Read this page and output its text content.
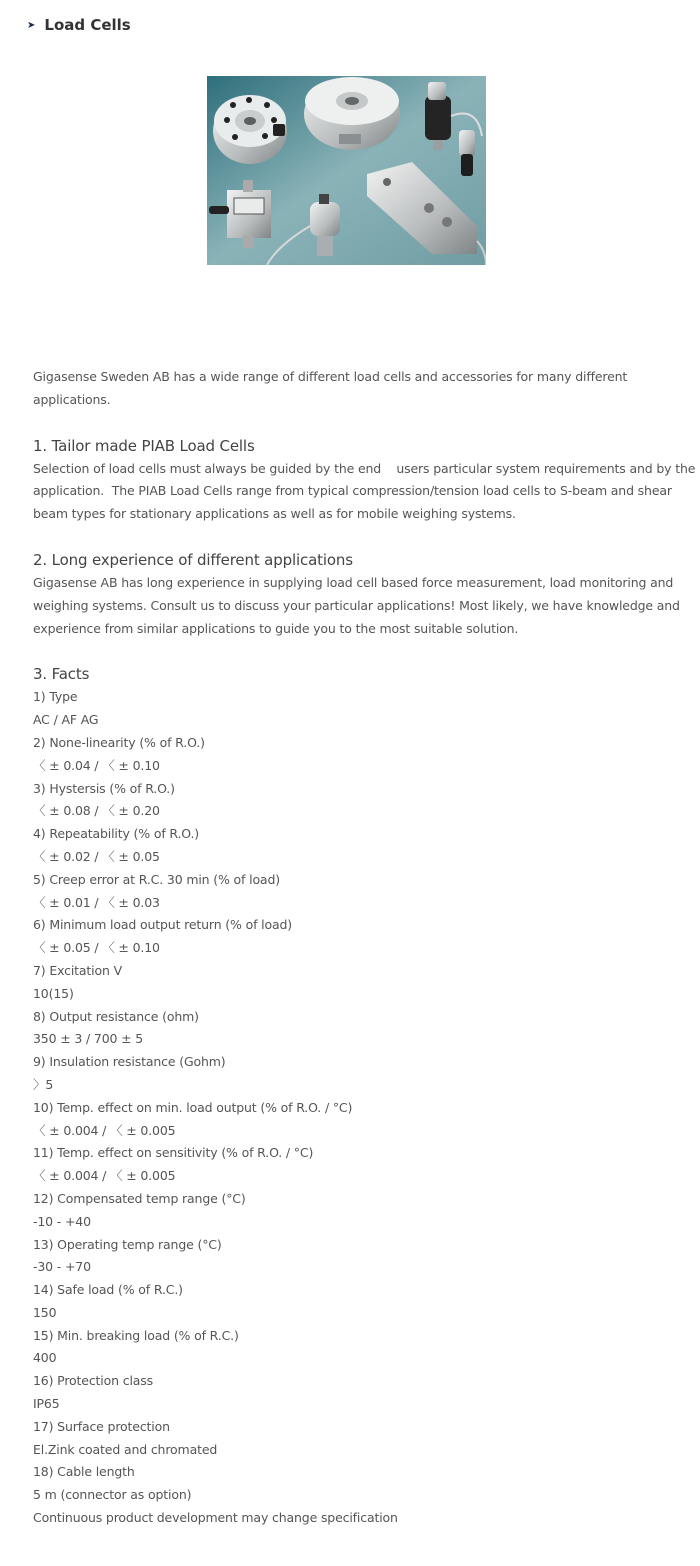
➤ Load Cells

Gigasense Sweden AB has a wide range of different load cells and accessories for many different applications.

1. Tailor made PIAB Load Cells

Selection of load cells must always be guided by the end    users particular system requirements and by the application.  The PIAB Load Cells range from typical compression/tension load cells to S-beam and shear beam types for stationary applications as well as for mobile weighing systems.

2. Long experience of different applications

Gigasense AB has long experience in supplying load cell based force measurement, load monitoring and weighing systems. Consult us to discuss your particular applications! Most likely, we have knowledge and experience from similar applications to guide you to the most suitable solution.

3. Facts

1) Type
AC / AF AG
2) None-linearity (% of R.O.)
〈 ± 0.04 / 〈 ± 0.10
3) Hystersis (% of R.O.)
〈 ± 0.08 / 〈 ± 0.20
4) Repeatability (% of R.O.)
〈 ± 0.02 / 〈 ± 0.05
5) Creep error at R.C. 30 min (% of load)
〈 ± 0.01 / 〈 ± 0.03
6) Minimum load output return (% of load)
〈 ± 0.05 / 〈 ± 0.10
7) Excitation V
10(15)
8) Output resistance (ohm)
350 ± 3 / 700 ± 5
9) Insulation resistance (Gohm)
〉5
10) Temp. effect on min. load output (% of R.O. / °C)
〈 ± 0.004 / 〈 ± 0.005
11) Temp. effect on sensitivity (% of R.O. / °C)
〈 ± 0.004 / 〈 ± 0.005
12) Compensated temp range (°C)
-10 - +40
13) Operating temp range (°C)
-30 - +70
14) Safe load (% of R.C.)
150
15) Min. breaking load (% of R.C.)
400
16) Protection class
IP65
17) Surface protection
El.Zink coated and chromated
18) Cable length
5 m (connector as option)

Continuous product development may change specification
